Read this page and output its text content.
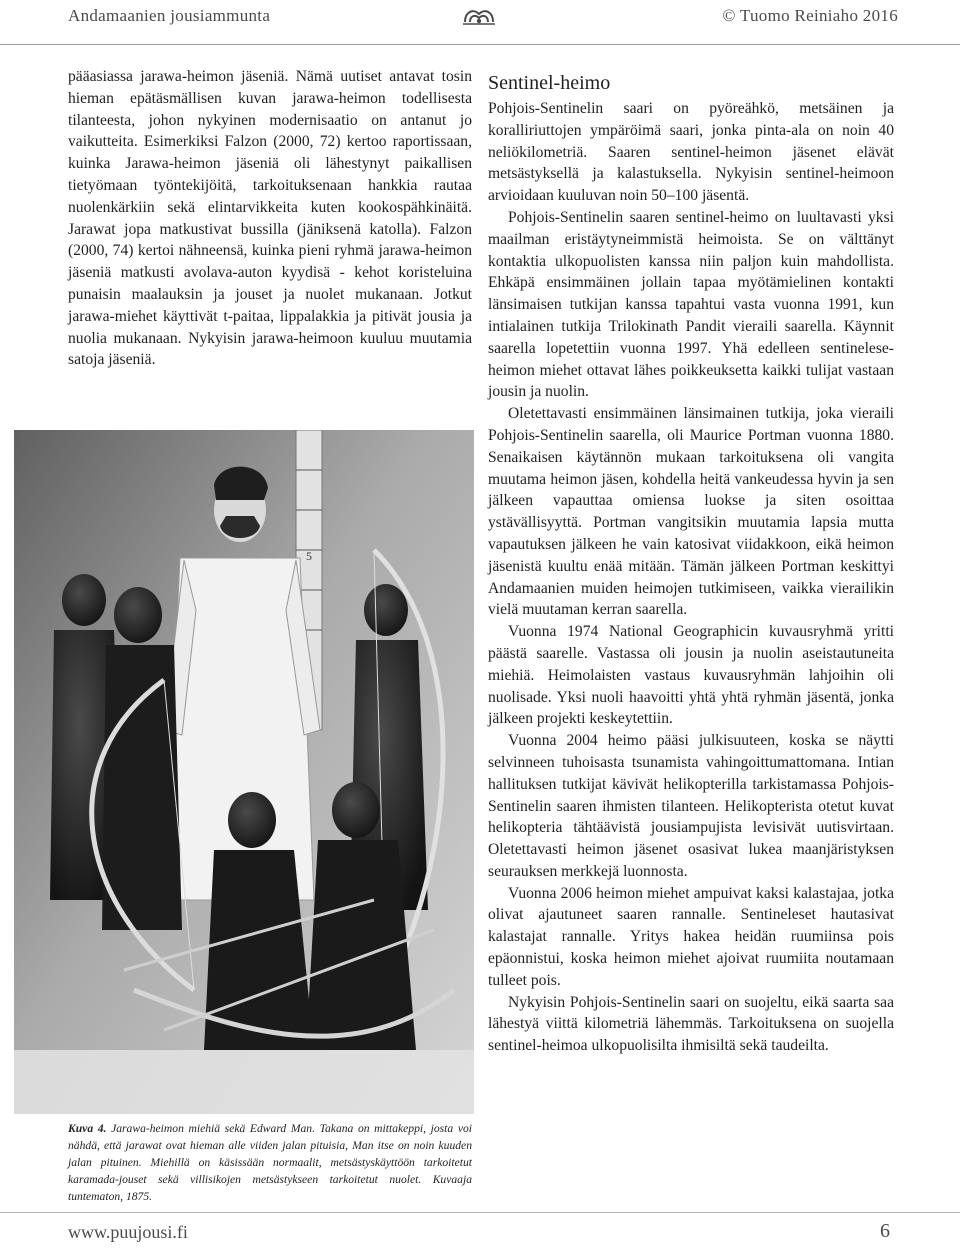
Andamaanien jousiammunta	© Tuomo Reiniaho 2016

pääasiassa jarawa-heimon jäseniä. Nämä uutiset antavat tosin hieman epätäsmällisen kuvan jarawa-heimon todellisesta tilanteesta, johon nykyinen modernisaatio on antanut jo vaikutteita. Esimerkiksi Falzon (2000, 72) kertoo raportissaan, kuinka Jarawa-heimon jäseniä oli lähestynyt paikallisen tietyömaan työntekijöitä, tarkoituksenaan hankkia rautaa nuolenkärkiin sekä elintarvikkeita kuten kookospähkinäitä. Jarawat jopa matkustivat bussilla (jäniksenä katolla). Falzon (2000, 74) kertoi nähneensä, kuinka pieni ryhmä jarawa-heimon jäseniä matkusti avolava-auton kyydisä - kehot koristeluina punaisin maalauksin ja jouset ja nuolet mukanaan. Jotkut jarawa-miehet käyttivät t-paitaa, lippalakkia ja pitivät jousia ja nuolia mukanaan. Nykyisin jarawa-heimoon kuuluu muutamia satoja jäseniä.

5
Kuva 4. Jarawa-heimon miehiä sekä Edward Man. Takana on mittakeppi, josta voi nähdä, että jarawat ovat hieman alle viiden jalan pituisia, Man itse on noin kuuden jalan pituinen. Miehillä on käsissään normaalit, metsästyskäyttöön tarkoitetut karamada-jouset sekä villisikojen metsästykseen tarkoitetut nuolet. Kuvaaja tuntematon, 1875.
Sentinel-heimo

Pohjois-Sentinelin saari on pyöreähkö, metsäinen ja koralliriuttojen ympäröimä saari, jonka pinta-ala on noin 40 neliökilometriä. Saaren sentinel-heimon jäsenet elävät metsästyksellä ja kalastuksella. Nykyisin sentinel-heimoon arvioidaan kuuluvan noin 50–100 jäsentä.

Pohjois-Sentinelin saaren sentinel-heimo on luultavasti yksi maailman eristäytyneimmistä heimoista. Se on välttänyt kontaktia ulkopuolisten kanssa niin paljon kuin mahdollista. Ehkäpä ensimmäinen jollain tapaa myötämielinen kontakti länsimaisen tutkijan kanssa tapahtui vasta vuonna 1991, kun intialainen tutkija Trilokinath Pandit vieraili saarella. Käynnit saarella lopetettiin vuonna 1997. Yhä edelleen sentinelese-heimon miehet ottavat lähes poikkeuksetta kaikki tulijat vastaan jousin ja nuolin.

Oletettavasti ensimmäinen länsimainen tutkija, joka vieraili Pohjois-Sentinelin saarella, oli Maurice Portman vuonna 1880. Senaikaisen käytännön mukaan tarkoituksena oli vangita muutama heimon jäsen, kohdella heitä vankeudessa hyvin ja sen jälkeen vapauttaa omiensa luokse ja siten osoittaa ystävällisyyttä. Portman vangitsikin muutamia lapsia mutta vapautuksen jälkeen he vain katosivat viidakkoon, eikä heimon jäsenistä kuultu enää mitään. Tämän jälkeen Portman keskittyi Andamaanien muiden heimojen tutkimiseen, vaikka vierailikin vielä muutaman kerran saarella.

Vuonna 1974 National Geographicin kuvausryhmä yritti päästä saarelle. Vastassa oli jousin ja nuolin aseistautuneita miehiä. Heimolaisten vastaus kuvausryhmän lahjoihin oli nuolisade. Yksi nuoli haavoitti yhtä yhtä ryhmän jäsentä, jonka jälkeen projekti keskeytettiin.

Vuonna 2004 heimo pääsi julkisuuteen, koska se näytti selvinneen tuhoisasta tsunamista vahingoittumattomana. Intian hallituksen tutkijat kävivät helikopterilla tarkistamassa Pohjois-Sentinelin saaren ihmisten tilanteen. Helikopterista otetut kuvat helikopteria tähtäävistä jousiampujista levisivät uutisvirtaan. Oletettavasti heimon jäsenet osasivat lukea maanjäristyksen seurauksen merkkejä luonnosta.

Vuonna 2006 heimon miehet ampuivat kaksi kalastajaa, jotka olivat ajautuneet saaren rannalle. Sentineleset hautasivat kalastajat rannalle. Yritys hakea heidän ruumiinsa pois epäonnistui, koska heimon miehet ajoivat ruumiita noutamaan tulleet pois.

Nykyisin Pohjois-Sentinelin saari on suojeltu, eikä saarta saa lähestyä viittä kilometriä lähemmäs. Tarkoituksena on suojella sentinel-heimoa ulkopuolisilta ihmisiltä sekä taudeilta.

www.puujousi.fi	6
